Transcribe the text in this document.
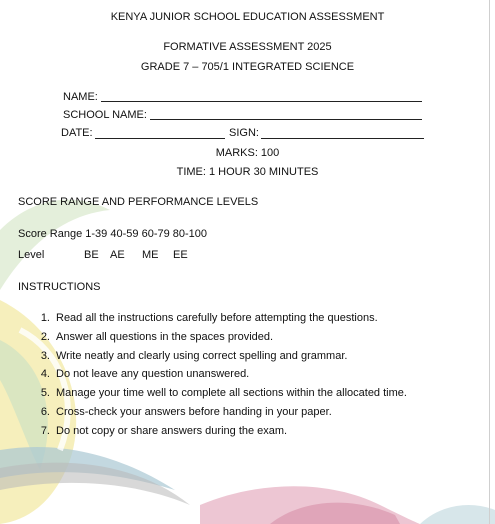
KENYA JUNIOR SCHOOL EDUCATION ASSESSMENT
FORMATIVE ASSESSMENT 2025
GRADE 7 – 705/1 INTEGRATED SCIENCE
NAME:
SCHOOL NAME:
DATE:	SIGN:
MARKS: 100
TIME: 1 HOUR 30 MINUTES
SCORE RANGE AND PERFORMANCE LEVELS
Score Range 1-39 40-59 60-79 80-100
Level	BE AE ME EE
INSTRUCTIONS
1. Read all the instructions carefully before attempting the questions.
2. Answer all questions in the spaces provided.
3. Write neatly and clearly using correct spelling and grammar.
4. Do not leave any question unanswered.
5. Manage your time well to complete all sections within the allocated time.
6. Cross-check your answers before handing in your paper.
7. Do not copy or share answers during the exam.
